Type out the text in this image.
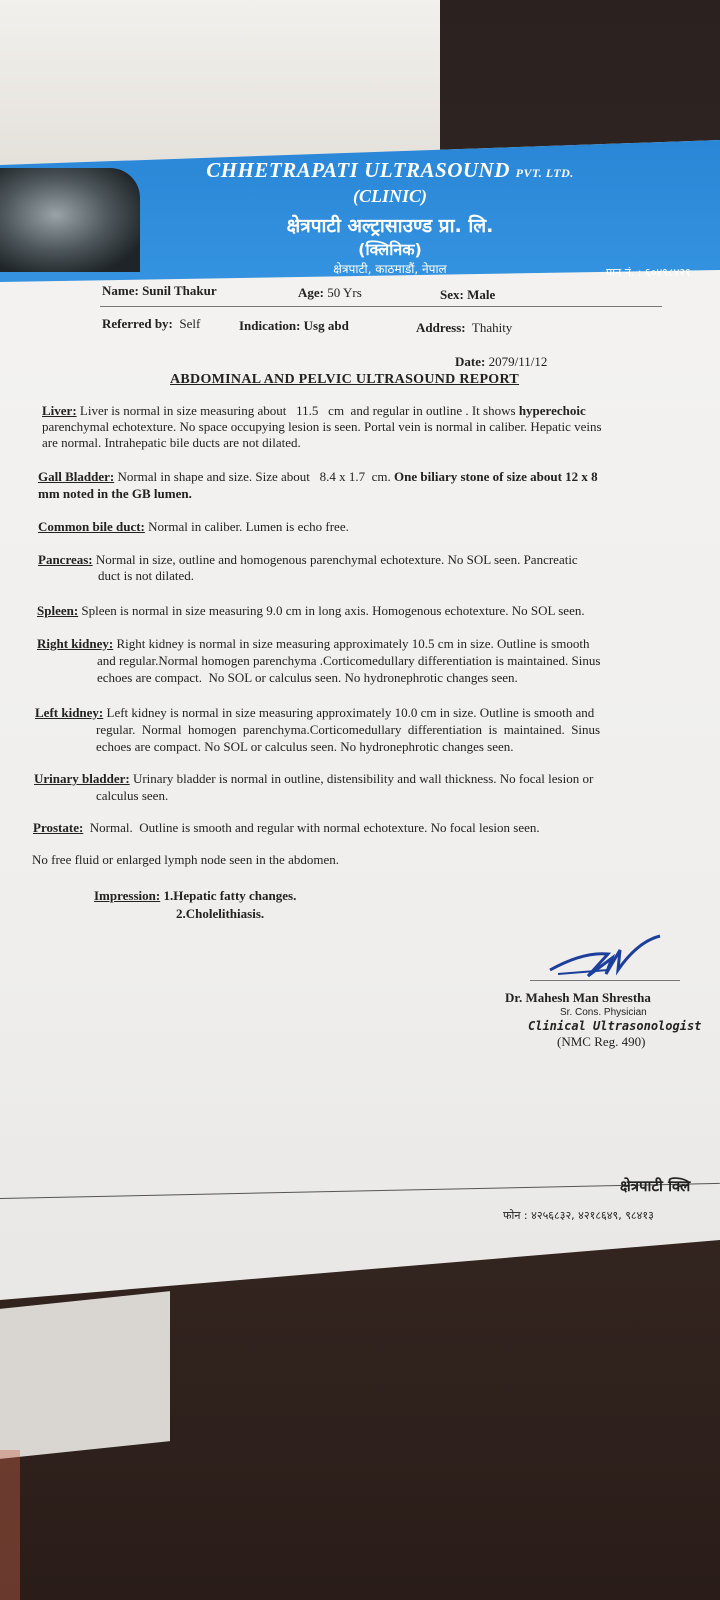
CHHETRAPATI ULTRASOUND PVT. LTD.
(CLINIC)
क्षेत्रपाटी अल्ट्रासाउण्ड प्रा. लि.
(क्लिनिक)
क्षेत्रपाटी, काठमाडौं, नेपाल	पान नं. : ६०४९८४२१
Name: Sunil Thakur	Age: 50 Yrs	Sex: Male
Referred by: Self	Indication: Usg abd	Address: Thahity
Date: 2079/11/12
ABDOMINAL AND PELVIC ULTRASOUND REPORT
Liver: Liver is normal in size measuring about   11.5   cm  and regular in outline . It shows hyperechoic
parenchymal echotexture. No space occupying lesion is seen. Portal vein is normal in caliber. Hepatic veins
are normal. Intrahepatic bile ducts are not dilated.
Gall Bladder: Normal in shape and size. Size about   8.4 x 1.7  cm. One biliary stone of size about 12 x 8
mm noted in the GB lumen.
Common bile duct: Normal in caliber. Lumen is echo free.
Pancreas: Normal in size, outline and homogenous parenchymal echotexture. No SOL seen. Pancreatic
duct is not dilated.
Spleen: Spleen is normal in size measuring 9.0 cm in long axis. Homogenous echotexture. No SOL seen.
Right kidney: Right kidney is normal in size measuring approximately 10.5 cm in size. Outline is smooth
and regular.Normal homogen parenchyma .Corticomedullary differentiation is maintained. Sinus
echoes are compact.  No SOL or calculus seen. No hydronephrotic changes seen.
Left kidney: Left kidney is normal in size measuring approximately 10.0 cm in size. Outline is smooth and
regular.  Normal  homogen  parenchyma.Corticomedullary  differentiation  is  maintained.  Sinus
echoes are compact. No SOL or calculus seen. No hydronephrotic changes seen.
Urinary bladder: Urinary bladder is normal in outline, distensibility and wall thickness. No focal lesion or
calculus seen.
Prostate:  Normal.  Outline is smooth and regular with normal echotexture. No focal lesion seen.
No free fluid or enlarged lymph node seen in the abdomen.
Impression: 1.Hepatic fatty changes.
2.Cholelithiasis.
Dr. Mahesh Man Shrestha
Sr. Cons. Physician
Clinical Ultrasonologist
(NMC Reg. 490)
क्षेत्रपाटी क्लि
फोन : ४२५६८३२, ४२१८६४९, ९८४१३
